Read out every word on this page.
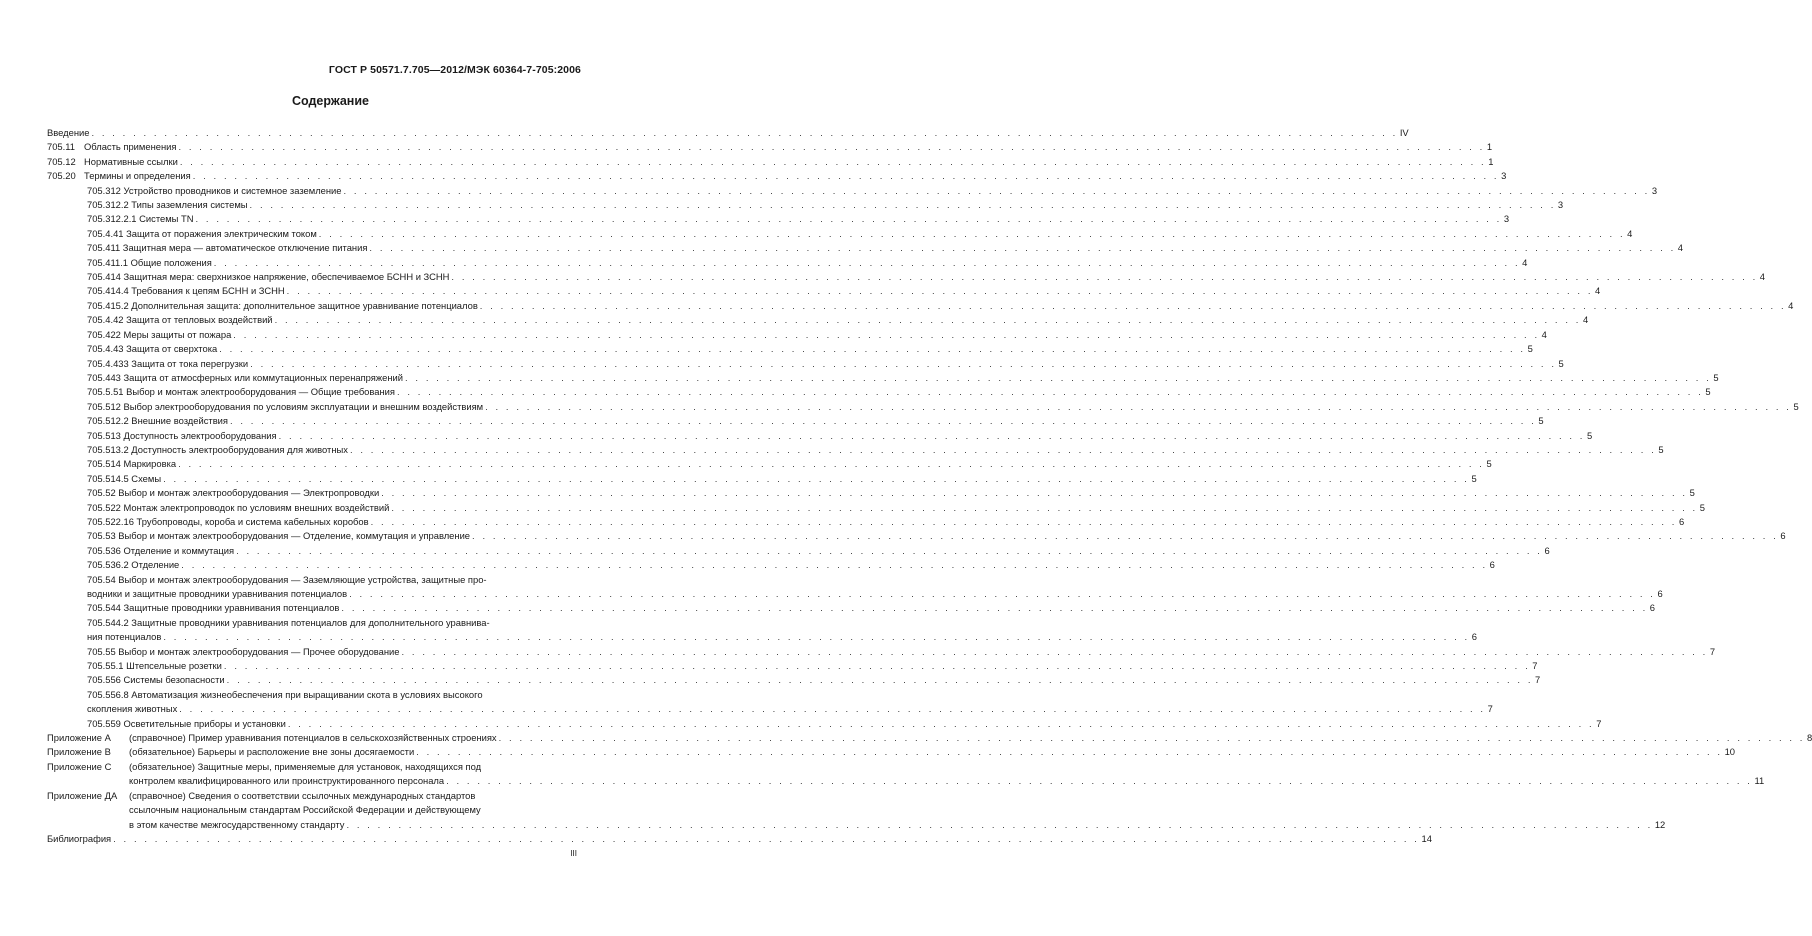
ГОСТ Р 50571.7.705—2012/МЭК 60364-7-705:2006
Содержание
Введение . . .	IV
705.11 Область применения . . .	1
705.12 Нормативные ссылки . . .	1
705.20 Термины и определения . . .	3
705.312 Устройство проводников и системное заземление . . .	3
705.312.2 Типы заземления системы . . .	3
705.312.2.1 Системы TN . . .	3
705.4.41 Защита от поражения электрическим током . . .	4
705.411 Защитная мера — автоматическое отключение питания . . .	4
705.411.1 Общие положения . . .	4
705.414 Защитная мера: сверхнизкое напряжение, обеспечиваемое БСНН и ЗСНН . . .	4
705.414.4 Требования к цепям БСНН и ЗСНН . . .	4
705.415.2 Дополнительная защита: дополнительное защитное уравнивание потенциалов . . .	4
705.4.42 Защита от тепловых воздействий . . .	4
705.422 Меры защиты от пожара . . .	4
705.4.43 Защита от сверхтока . . .	5
705.4.433 Защита от тока перегрузки . . .	5
705.443 Защита от атмосферных или коммутационных перенапряжений . . .	5
705.5.51 Выбор и монтаж электрооборудования — Общие требования . . .	5
705.512 Выбор электрооборудования по условиям эксплуатации и внешним воздействиям . . .	5
705.512.2 Внешние воздействия . . .	5
705.513 Доступность электрооборудования . . .	5
705.513.2 Доступность электрооборудования для животных . . .	5
705.514 Маркировка . . .	5
705.514.5 Схемы . . .	5
705.52 Выбор и монтаж электрооборудования — Электропроводки . . .	5
705.522 Монтаж электропроводок по условиям внешних воздействий . . .	5
705.522.16 Трубопроводы, короба и система кабельных коробов . . .	6
705.53 Выбор и монтаж электрооборудования — Отделение, коммутация и управление . . .	6
705.536 Отделение и коммутация . . .	6
705.536.2 Отделение . . .	6
705.54 Выбор и монтаж электрооборудования — Заземляющие устройства, защитные про-
водники и защитные проводники уравнивания потенциалов . . .	6
705.544 Защитные проводники уравнивания потенциалов . . .	6
705.544.2 Защитные проводники уравнивания потенциалов для дополнительного уравнива-
ния потенциалов . . .	6
705.55 Выбор и монтаж электрооборудования — Прочее оборудование . . .	7
705.55.1 Штепсельные розетки . . .	7
705.556 Системы безопасности . . .	7
705.556.8 Автоматизация жизнеобеспечения при выращивании скота в условиях высокого
скопления животных . . .	7
705.559 Осветительные приборы и установки . . .	7
Приложение А	(справочное) Пример уравнивания потенциалов в сельскохозяйственных строениях . . .	8
Приложение В	(обязательное) Барьеры и расположение вне зоны досягаемости . . .	10
Приложение С	(обязательное) Защитные меры, применяемые для установок, находящихся под
контролем квалифицированного или проинструктированного персонала . . .	11
Приложение ДА	(справочное) Сведения о соответствии ссылочных международных стандартов
ссылочным национальным стандартам Российской Федерации и действующему
в этом качестве межгосударственному стандарту . . .	12
Библиография . . .	14
III
